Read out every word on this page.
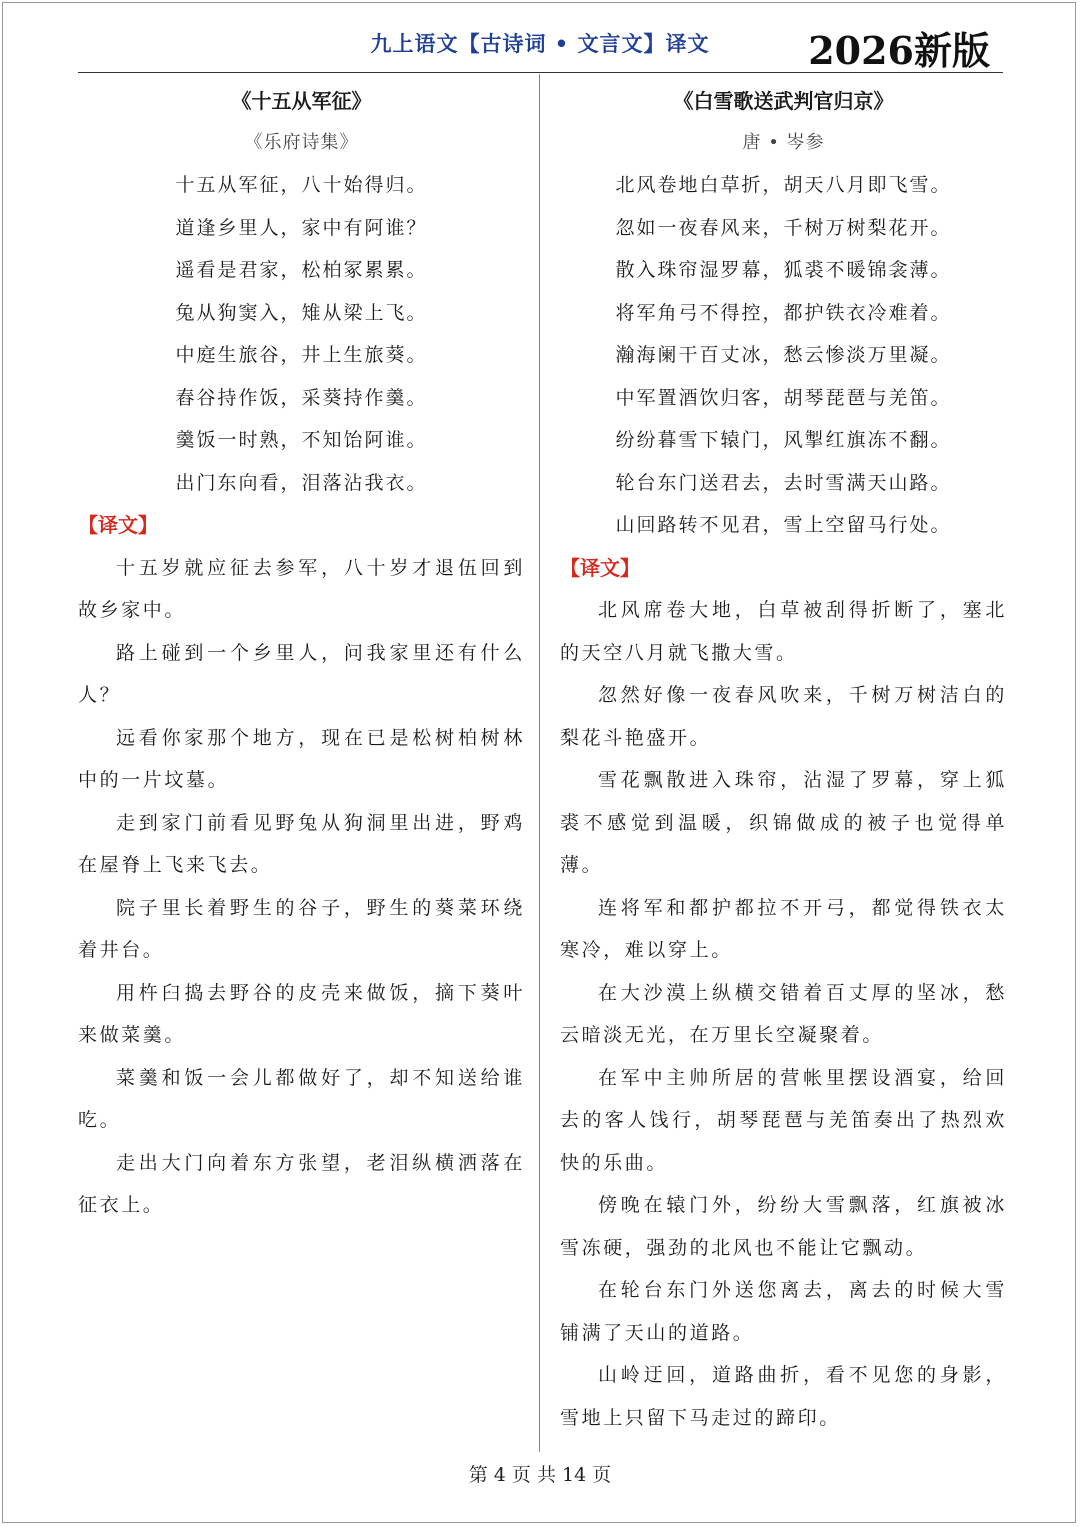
九上语文【古诗词 • 文言文】译文	2026新版
《十五从军征》
《乐府诗集》
十五从军征，八十始得归。
道逢乡里人，家中有阿谁？
遥看是君家，松柏冢累累。
兔从狗窦入，雉从梁上飞。
中庭生旅谷，井上生旅葵。
舂谷持作饭，采葵持作羹。
羹饭一时熟，不知饴阿谁。
出门东向看，泪落沾我衣。
【译文】

十五岁就应征去参军，八十岁才退伍回到故乡家中。

路上碰到一个乡里人，问我家里还有什么人？

远看你家那个地方，现在已是松树柏树林中的一片坟墓。

走到家门前看见野兔从狗洞里出进，野鸡在屋脊上飞来飞去。

院子里长着野生的谷子，野生的葵菜环绕着井台。

用杵臼捣去野谷的皮壳来做饭，摘下葵叶来做菜羹。

菜羹和饭一会儿都做好了，却不知送给谁吃。

走出大门向着东方张望，老泪纵横洒落在征衣上。

《白雪歌送武判官归京》
唐 • 岑参
北风卷地白草折，胡天八月即飞雪。
忽如一夜春风来，千树万树梨花开。
散入珠帘湿罗幕，狐裘不暖锦衾薄。
将军角弓不得控，都护铁衣冷难着。
瀚海阑干百丈冰，愁云惨淡万里凝。
中军置酒饮归客，胡琴琵琶与羌笛。
纷纷暮雪下辕门，风掣红旗冻不翻。
轮台东门送君去，去时雪满天山路。
山回路转不见君，雪上空留马行处。
【译文】

北风席卷大地，白草被刮得折断了，塞北的天空八月就飞撒大雪。

忽然好像一夜春风吹来，千树万树洁白的梨花斗艳盛开。

雪花飘散进入珠帘，沾湿了罗幕，穿上狐裘不感觉到温暖，织锦做成的被子也觉得单薄。

连将军和都护都拉不开弓，都觉得铁衣太寒冷，难以穿上。

在大沙漠上纵横交错着百丈厚的坚冰，愁云暗淡无光，在万里长空凝聚着。

在军中主帅所居的营帐里摆设酒宴，给回去的客人饯行，胡琴琵琶与羌笛奏出了热烈欢快的乐曲。

傍晚在辕门外，纷纷大雪飘落，红旗被冰雪冻硬，强劲的北风也不能让它飘动。

在轮台东门外送您离去，离去的时候大雪铺满了天山的道路。

山岭迂回，道路曲折，看不见您的身影，雪地上只留下马走过的蹄印。

第 4 页 共 14 页
